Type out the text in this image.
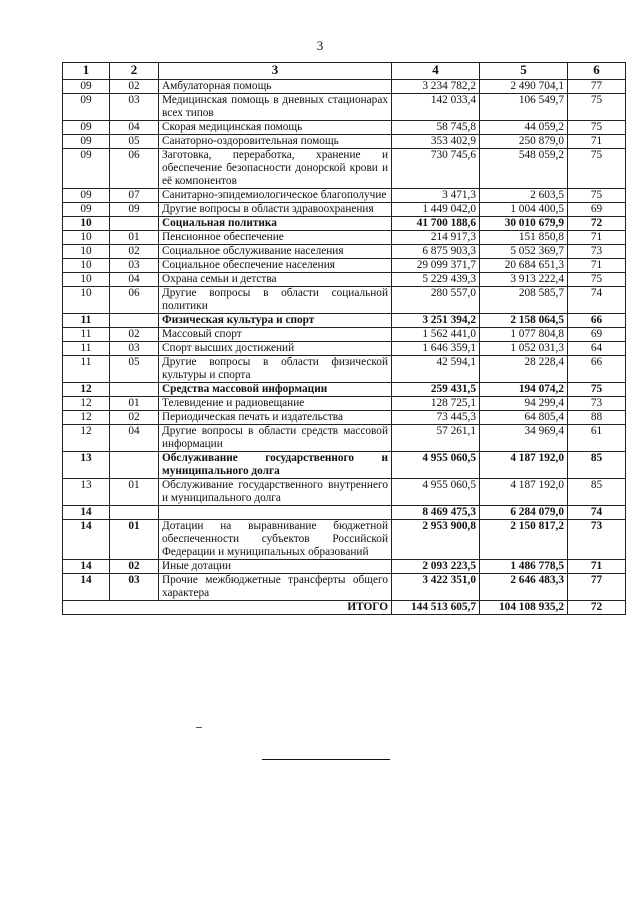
3
1	2	3	4	5	6
09	02	Амбулаторная помощь	3 234 782,2	2 490 704,1	77
09	03	Медицинская помощь в дневных стационарах всех типов	142 033,4	106 549,7	75
09	04	Скорая медицинская помощь	58 745,8	44 059,2	75
09	05	Санаторно-оздоровительная помощь	353 402,9	250 879,0	71
09	06	Заготовка, переработка, хранение и обеспечение безопасности донорской крови и её компонентов	730 745,6	548 059,2	75
09	07	Санитарно-эпидемиологическое благополучие	3 471,3	2 603,5	75
09	09	Другие вопросы в области здравоохранения	1 449 042,0	1 004 400,5	69
10		Социальная политика	41 700 188,6	30 010 679,9	72
10	01	Пенсионное обеспечение	214 917,3	151 850,8	71
10	02	Социальное обслуживание населения	6 875 903,3	5 052 369,7	73
10	03	Социальное обеспечение населения	29 099 371,7	20 684 651,3	71
10	04	Охрана семьи и детства	5 229 439,3	3 913 222,4	75
10	06	Другие вопросы в области социальной политики	280 557,0	208 585,7	74
11		Физическая культура и спорт	3 251 394,2	2 158 064,5	66
11	02	Массовый спорт	1 562 441,0	1 077 804,8	69
11	03	Спорт высших достижений	1 646 359,1	1 052 031,3	64
11	05	Другие вопросы в области физической культуры и спорта	42 594,1	28 228,4	66
12		Средства массовой информации	259 431,5	194 074,2	75
12	01	Телевидение и радиовещание	128 725,1	94 299,4	73
12	02	Периодическая печать и издательства	73 445,3	64 805,4	88
12	04	Другие вопросы в области средств массовой информации	57 261,1	34 969,4	61
13		Обслуживание государственного и муниципального долга	4 955 060,5	4 187 192,0	85
13	01	Обслуживание государственного внутреннего и муниципального долга	4 955 060,5	4 187 192,0	85
14			8 469 475,3	6 284 079,0	74
14	01	Дотации на выравнивание бюджетной обеспеченности субъектов Российской Федерации и муниципальных образований	2 953 900,8	2 150 817,2	73
14	02	Иные дотации	2 093 223,5	1 486 778,5	71
14	03	Прочие межбюджетные трансферты общего характера	3 422 351,0	2 646 483,3	77
ИТОГО			144 513 605,7	104 108 935,2	72
